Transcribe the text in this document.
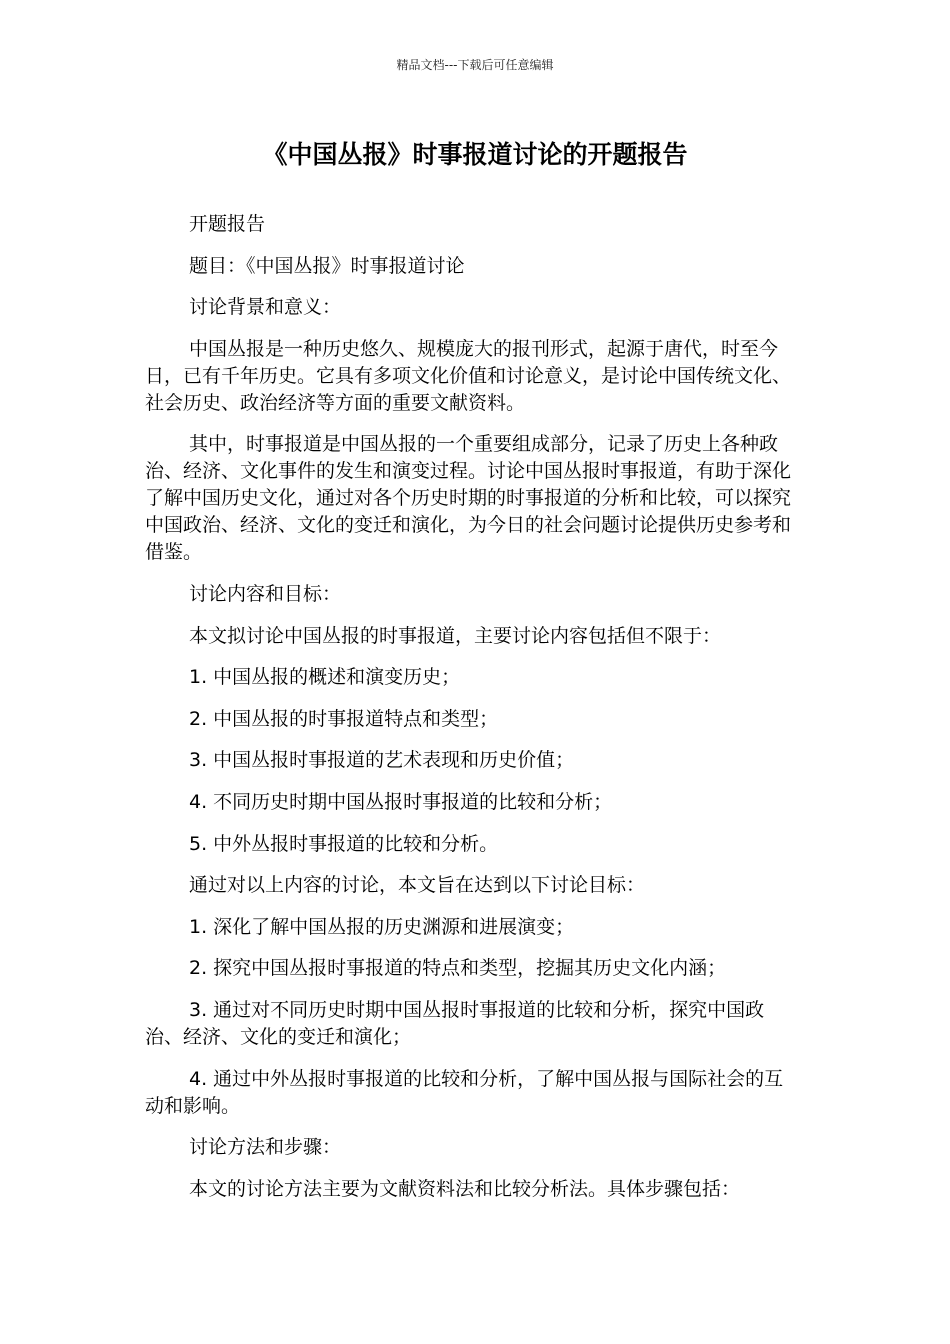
精品文档---下载后可任意编辑
《中国丛报》时事报道讨论的开题报告

开题报告

题目：《中国丛报》时事报道讨论

讨论背景和意义：

中国丛报是一种历史悠久、规模庞大的报刊形式，起源于唐代，时至今日，已有千年历史。它具有多项文化价值和讨论意义，是讨论中国传统文化、社会历史、政治经济等方面的重要文献资料。

其中，时事报道是中国丛报的一个重要组成部分，记录了历史上各种政治、经济、文化事件的发生和演变过程。讨论中国丛报时事报道，有助于深化了解中国历史文化，通过对各个历史时期的时事报道的分析和比较，可以探究中国政治、经济、文化的变迁和演化，为今日的社会问题讨论提供历史参考和借鉴。

讨论内容和目标：

本文拟讨论中国丛报的时事报道，主要讨论内容包括但不限于：

1. 中国丛报的概述和演变历史；

2. 中国丛报的时事报道特点和类型；

3. 中国丛报时事报道的艺术表现和历史价值；

4. 不同历史时期中国丛报时事报道的比较和分析；

5. 中外丛报时事报道的比较和分析。

通过对以上内容的讨论，本文旨在达到以下讨论目标：

1. 深化了解中国丛报的历史渊源和进展演变；

2. 探究中国丛报时事报道的特点和类型，挖掘其历史文化内涵；

3. 通过对不同历史时期中国丛报时事报道的比较和分析，探究中国政治、经济、文化的变迁和演化；

4. 通过中外丛报时事报道的比较和分析，了解中国丛报与国际社会的互动和影响。

讨论方法和步骤：

本文的讨论方法主要为文献资料法和比较分析法。具体步骤包括：
